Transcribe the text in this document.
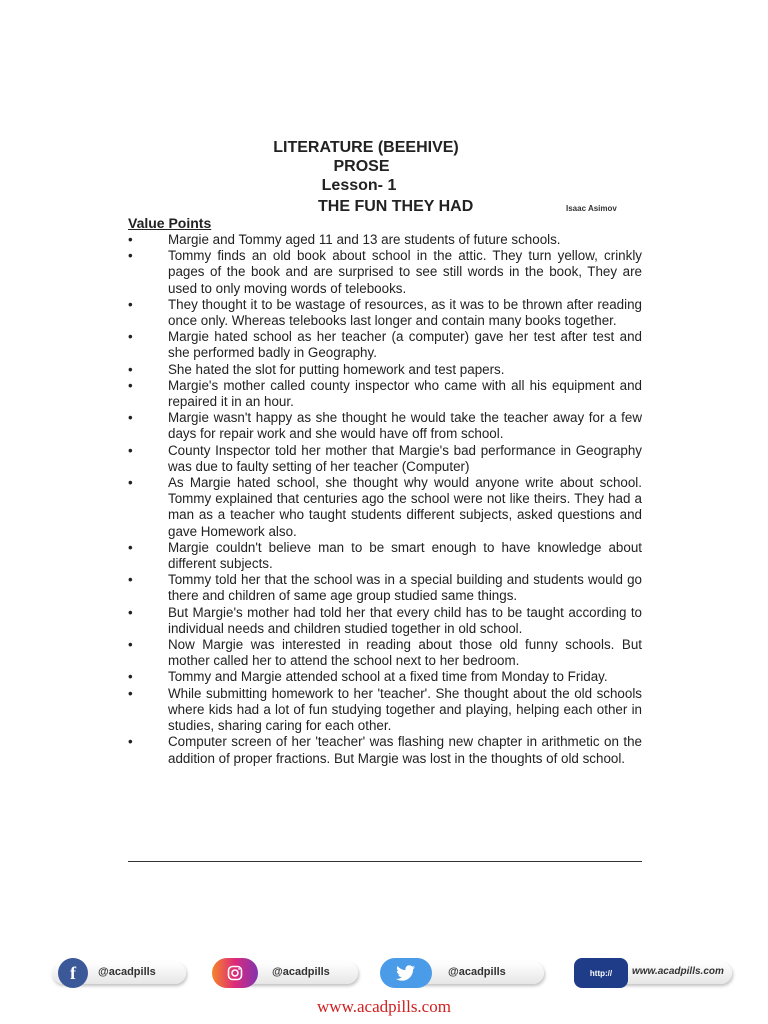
LITERATURE (BEEHIVE)
PROSE
Lesson- 1
THE FUN THEY HAD	Isaac Asimov
Value Points
•	Margie and Tommy aged 11 and 13 are students of future schools.
•	Tommy finds an old book about school in the attic. They turn yellow, crinkly pages of the book and are surprised to see still words in the book, They are used to only moving words of telebooks.
•	They thought it to be wastage of resources, as it was to be thrown after reading once only. Whereas telebooks last longer and contain many books together.
•	Margie hated school as her teacher (a computer) gave her test after test and she performed badly in Geography.
•	She hated the slot for putting homework and test papers.
•	Margie's mother called county inspector who came with all his equipment and repaired it in an hour.
•	Margie wasn't happy as she thought he would take the teacher away for a few days for repair work and she would have off from school.
•	County Inspector told her mother that Margie's bad performance in Geography was due to faulty setting of her teacher (Computer)
•	As Margie hated school, she thought why would anyone write about school. Tommy explained that centuries ago the school were not like theirs. They had a man as a teacher who taught students different subjects, asked questions and gave Homework also.
•	Margie couldn't believe man to be smart enough to have knowledge about different subjects.
•	Tommy told her that the school was in a special building and students would go there and children of same age group studied same things.
•	But Margie's mother had told her that every child has to be taught according to individual needs and children studied together in old school.
•	Now Margie was interested in reading about those old funny schools. But mother called her to attend the school next to her bedroom.
•	Tommy and Margie attended school at a fixed time from Monday to Friday.
•	While submitting homework to her 'teacher'. She thought about the old schools where kids had a lot of fun studying together and playing, helping each other in studies, sharing caring for each other.
•	Computer screen of her 'teacher' was flashing new chapter in arithmetic on the addition of proper fractions. But Margie was lost in the thoughts of old school.
f	@acadpills	@acadpills	@acadpills	http:// www.acadpills.com
www.acadpills.com
